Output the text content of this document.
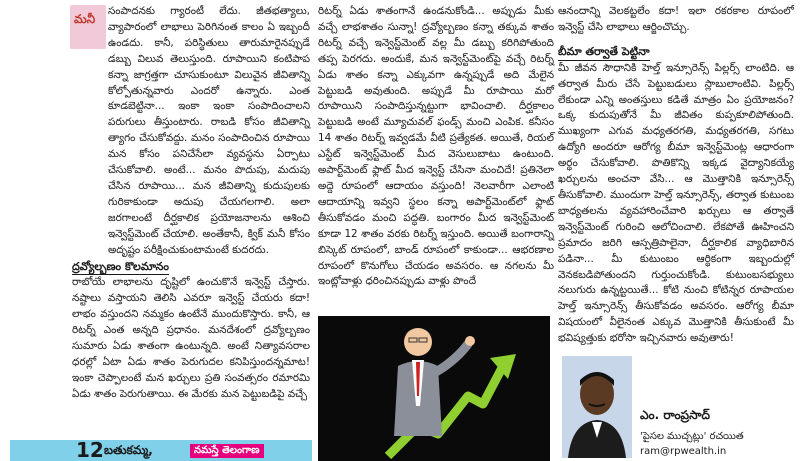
మనీ

సంపాదనకు గ్యారంటీ లేదు. జీతభత్యాలు, వ్యాపారంలో లాభాలు పెరిగినంత కాలం ఏ ఇబ్బందీ ఉండదు. కానీ, పరిస్థితులు తారుమారైనప్పుడే డబ్బు విలువ తెలుస్తుంది. రూపాయిని కంటిపాప కన్నా జాగ్రత్తగా చూసుకుంటూ విలువైన జీవితాన్ని కోల్పోతున్నవారు ఎందరో ఉన్నారు. ఎంత కూడబెట్టినా... ఇంకా ఇంకా సంపాదించాలని పరుగులు తీస్తుంటారు. రాబడి కోసం జీవితాన్ని త్యాగం చేసుకోవద్దు. మనం సంపాదించిన రూపాయి మన కోసం పనిచేసేలా వ్యవస్థను ఏర్పాటు చేసుకోవాలి. అంటే... మనం పొదుపు, మదుపు చేసిన రూపాయి... మన జీవితాన్ని కుదుపులకు గురికాకుండా అదుపు చేయగలగాలి. అలా జరగాలంటే దీర్ఘకాలిక ప్రయోజనాలను ఆశించి ఇన్వెస్ట్‌మెంట్ చేయాలి. అంతేకానీ, క్విక్ మనీ కోసం అదృష్టం పరీక్షించుకుంటామంటే కుదరదు.

ద్రవ్యోల్బణం కొలమానం

రాబోయే లాభాలను దృష్టిలో ఉంచుకొనే ఇన్వెస్ట్ చేస్తారు. నష్టాలు వస్తాయని తెలిసి ఎవరూ ఇన్వెస్ట్ చేయరు కదా! లాభం వస్తుందని నమ్మకం ఉంటేనే ముందుకొస్తారు. కానీ, ఆ రిటర్న్ ఎంత అన్నది ప్రధానం. మనదేశంలో ద్రవ్యోల్బణం సుమారు ఏడు శాతంగా ఉంటున్నది. అంటే నిత్యావసరాల ధరల్లో ఏటా ఏడు శాతం పెరుగుదల కనిపిస్తుందన్నమాట! ఇంకా చెప్పాలంటే మన ఖర్చులు ప్రతి సంవత్సరం రమారమి ఏడు శాతం పెరుగుతాయి. ఈ మేరకు మన పెట్టుబడిపై వచ్చే

రిటర్న్ ఏడు శాతంగానే ఉండనుకోండి... అప్పుడు మీకు వచ్చే లాభశాతం సున్నా! ద్రవ్యోల్బణం కన్నా తక్కువ శాతం రిటర్న్ వచ్చే ఇన్వెస్ట్‌మెంట్ వల్ల మీ డబ్బు కరిగిపోతుంది తప్ప పెరగదు. అందుకే, మన ఇన్వెస్ట్‌మెంట్‌పై వచ్చే రిటర్న్ ఏడు శాతం కన్నా ఎక్కువగా ఉన్నప్పుడే అది మేలైన పెట్టుబడి అవుతుంది. అప్పుడే మీ రూపాయి మరో రూపాయిని సంపాదిస్తున్నట్టుగా భావించాలి. దీర్ఘకాలం పెట్టుబడి అంటే మ్యూచువల్ ఫండ్స్ మంచి ఎంపిక. కనీసం 14 శాతం రిటర్న్ ఇవ్వడమే వీటి ప్రత్యేకత. అయితే, రియల్ ఎస్టేట్ ఇన్వెస్ట్‌మెంట్ మీద వెసులుబాటు ఉంటుంది. అపార్ట్‌మెంట్ ఫ్లాట్ మీద ఇన్వెస్ట్ చేసినా మంచిదే! ప్రతినెలా అద్దె రూపంలో ఆదాయం వస్తుంది! నెలవారీగా ఎలాంటి ఆదాయాన్ని ఇవ్వని స్థలం కన్నా అపార్ట్‌మెంట్‌లో ఫ్లాట్ తీసుకోవడం మంచి పద్ధతి. బంగారం మీద ఇన్వెస్ట్‌మెంట్ కూడా 12 శాతం వరకు రిటర్న్ ఇస్తుంది. అయితే బంగారాన్ని బిస్కెట్ రూపంలో, బాండ్ రూపంలో కాకుండా... ఆభరణాల రూపంలో కొనుగోలు చేయడం అవసరం. ఆ నగలను మీ ఇంట్లోవాళ్లు ధరించినప్పుడు వాళ్లు పొందే

ఆనందాన్ని వెలకట్టలేం కదా! ఇలా రకరకాల రూపంలో ఇన్వెస్ట్ చేసి లాభాలు ఆర్జించొచ్చు.

బీమా తర్వాతే పెట్టినా

మీ జీవన సౌధానికి హెల్త్ ఇన్సూరెన్స్ పిల్లర్స్ లాంటిది. ఆ తర్వాత మీరు చేసే పెట్టుబడులు స్లాబులాంటివి. పిల్లర్స్ లేకుండా ఎన్ని అంతస్తులు కడితే మాత్రం ఏం ప్రయోజనం? ఒక్క కుదుపుతోనే మీ జీవితం కుప్పకూలిపోతుంది. ముఖ్యంగా ఎగువ మధ్యతరగతి, మధ్యతరగతి, సగటు ఉద్యోగి అందరూ ఆరోగ్య బీమా ఇన్వెస్ట్‌మెంట్ల ఆధారంగా అర్థం చేసుకోవాలి. పొతికొన్ని ఇక్కడ వైద్యానికయ్యే ఖర్చులను అంచనా వేసి... ఆ మొత్తానికి ఇన్సూరెన్స్ తీసుకోవాలి. ముందుగా హెల్త్ ఇన్సూరెన్స్, తర్వాత కుటుంబ బాధ్యతలను వ్యవహారించేవారి ఖర్చులు ఆ తర్వాతే ఇన్వెస్ట్‌మెంట్ గురించి ఆలోచించాలి. లేకపోతే ఊహించని ప్రమాదం జరిగి ఆస్పత్రిపాలైనా, దీర్ఘకాలిక వ్యాధిబారిన పడినా... మీ కుటుంబం ఆర్థికంగా ఇబ్బందుల్లో వెనకబడిపోతుందని గుర్తుంచుకోండి. కుటుంబసభ్యులు నలుగురు ఉన్నట్టయితే... కోటి నుంచి కోటిన్నర రూపాయల హెల్త్ ఇన్సూరెన్స్ తీసుకోవడం అవసరం. ఆరోగ్య బీమా విషయంలో వీలైనంత ఎక్కువ మొత్తానికి తీసుకుంటే మీ భవిష్యత్తుకు భరోసా ఇచ్చినవారు అవుతారు!

ఎం. రాంప్రసాద్
'పైసల ముచ్చట్లు' రచయిత
ram@rpwealth.in
12 బతుకమ్మ,	నమస్తే తెలంగాణ
